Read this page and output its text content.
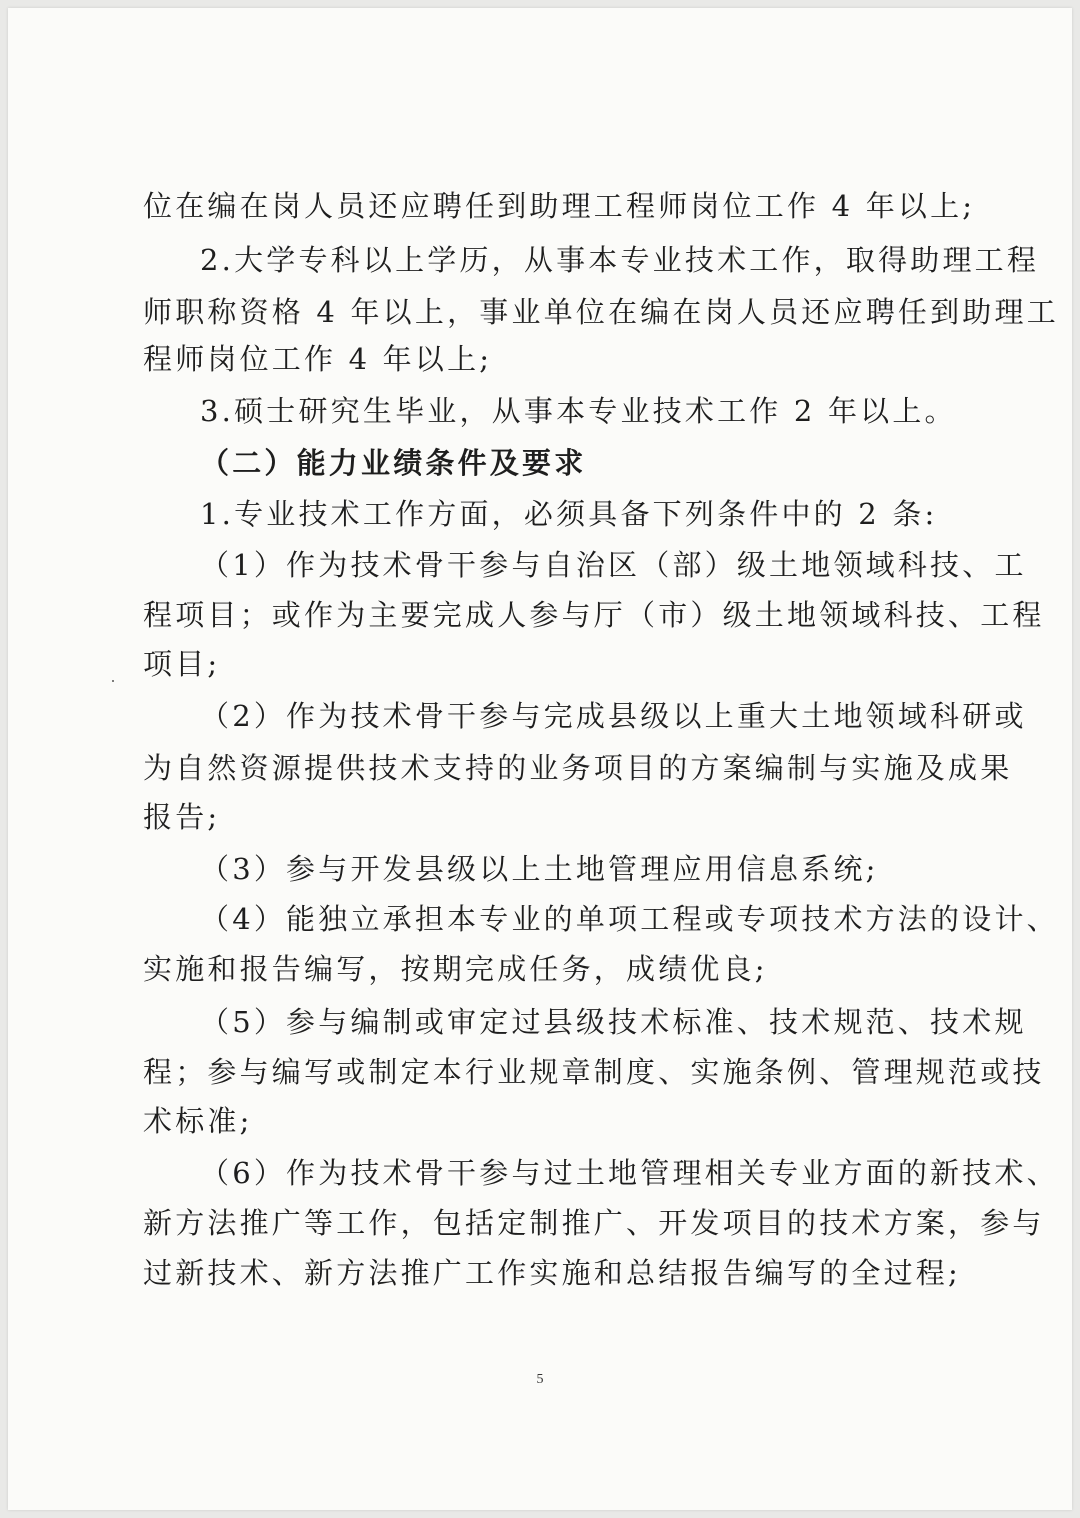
位在编在岗人员还应聘任到助理工程师岗位工作 4 年以上;

2.大学专科以上学历，从事本专业技术工作，取得助理工程

师职称资格 4 年以上，事业单位在编在岗人员还应聘任到助理工

程师岗位工作 4 年以上;

3.硕士研究生毕业，从事本专业技术工作 2 年以上。

（二）能力业绩条件及要求

1.专业技术工作方面，必须具备下列条件中的 2 条:

（1）作为技术骨干参与自治区（部）级土地领域科技、工

程项目；或作为主要完成人参与厅（市）级土地领域科技、工程

项目;

（2）作为技术骨干参与完成县级以上重大土地领域科研或

为自然资源提供技术支持的业务项目的方案编制与实施及成果

报告;

（3）参与开发县级以上土地管理应用信息系统;

（4）能独立承担本专业的单项工程或专项技术方法的设计、

实施和报告编写，按期完成任务，成绩优良;

（5）参与编制或审定过县级技术标准、技术规范、技术规

程；参与编写或制定本行业规章制度、实施条例、管理规范或技

术标准;

（6）作为技术骨干参与过土地管理相关专业方面的新技术、

新方法推广等工作，包括定制推广、开发项目的技术方案，参与

过新技术、新方法推广工作实施和总结报告编写的全过程;

5
